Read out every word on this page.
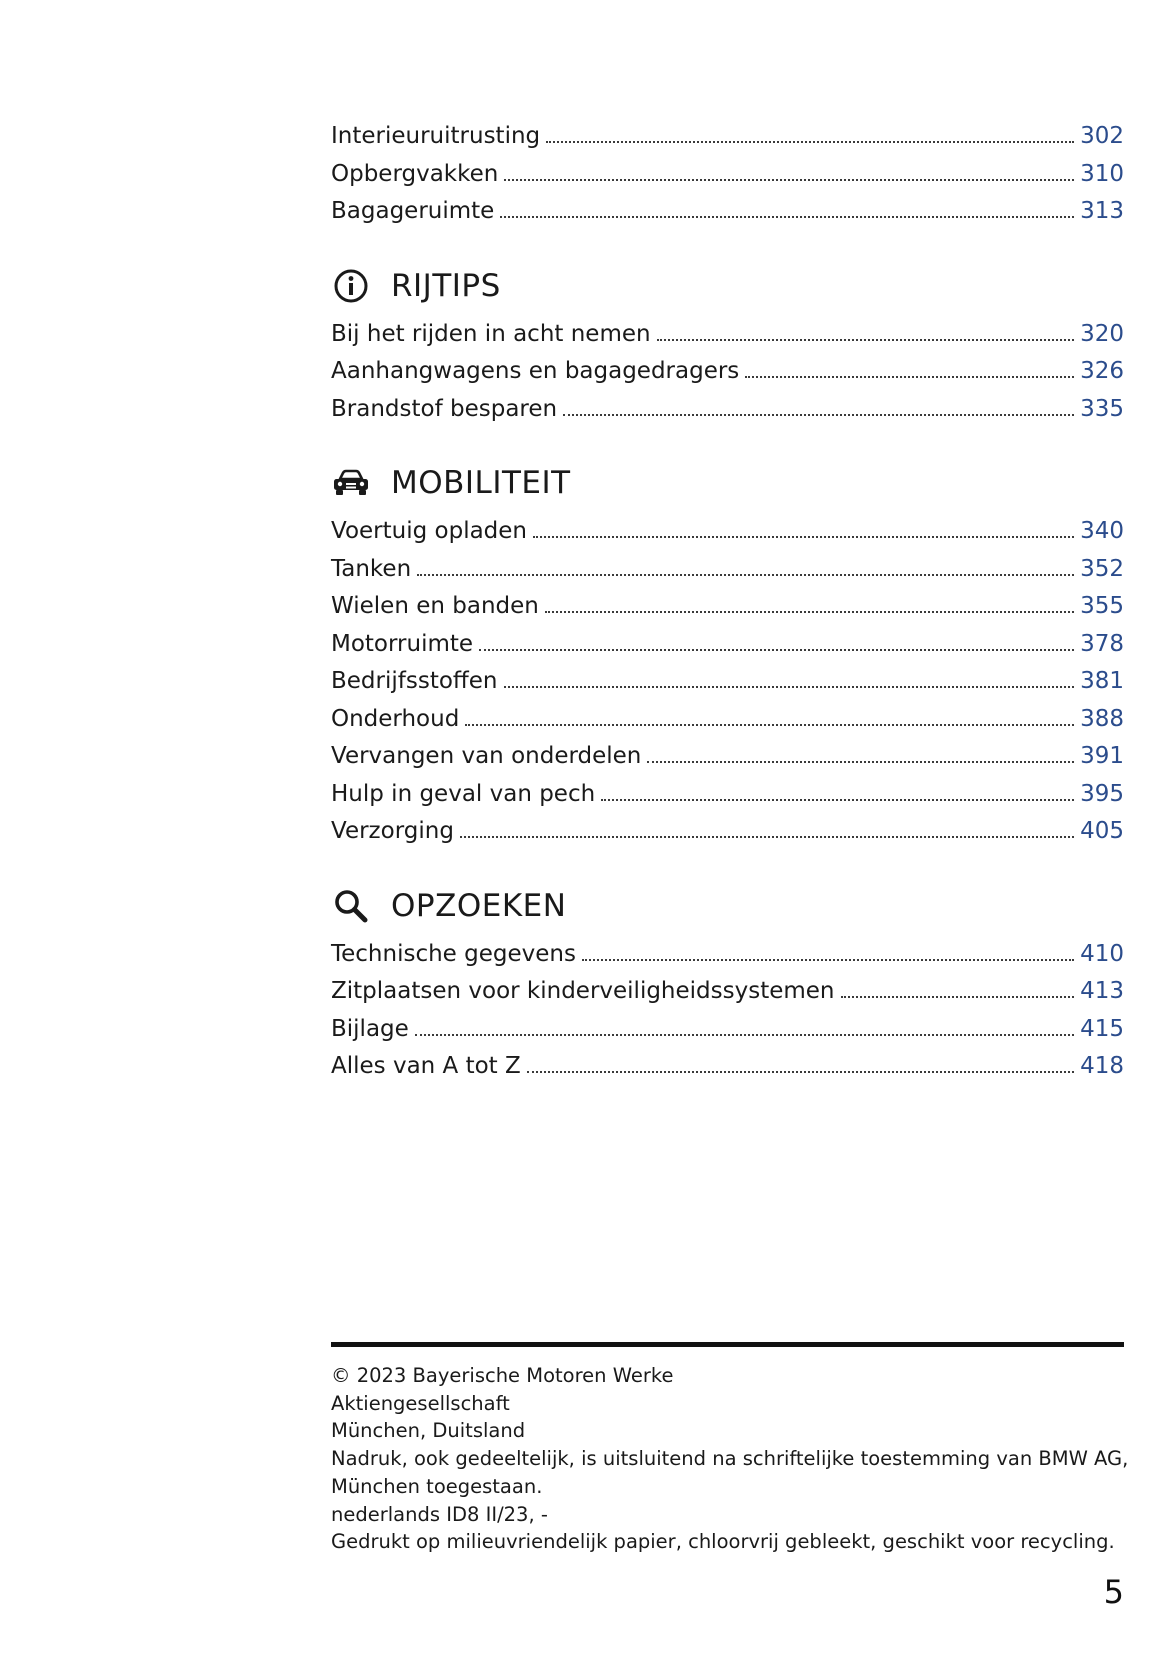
Interieuruitrusting	302
Opbergvakken	310
Bagageruimte	313
RIJTIPS
Bij het rijden in acht nemen	320
Aanhangwagens en bagagedragers	326
Brandstof besparen	335
MOBILITEIT
Voertuig opladen	340
Tanken	352
Wielen en banden	355
Motorruimte	378
Bedrijfsstoffen	381
Onderhoud	388
Vervangen van onderdelen	391
Hulp in geval van pech	395
Verzorging	405
OPZOEKEN
Technische gegevens	410
Zitplaatsen voor kinderveiligheidssystemen	413
Bijlage	415
Alles van A tot Z	418
© 2023 Bayerische Motoren Werke
Aktiengesellschaft
München, Duitsland
Nadruk, ook gedeeltelijk, is uitsluitend na schriftelijke toestemming van BMW AG,
München toegestaan.
nederlands ID8 II/23, -
Gedrukt op milieuvriendelijk papier, chloorvrij gebleekt, geschikt voor recycling.
5
